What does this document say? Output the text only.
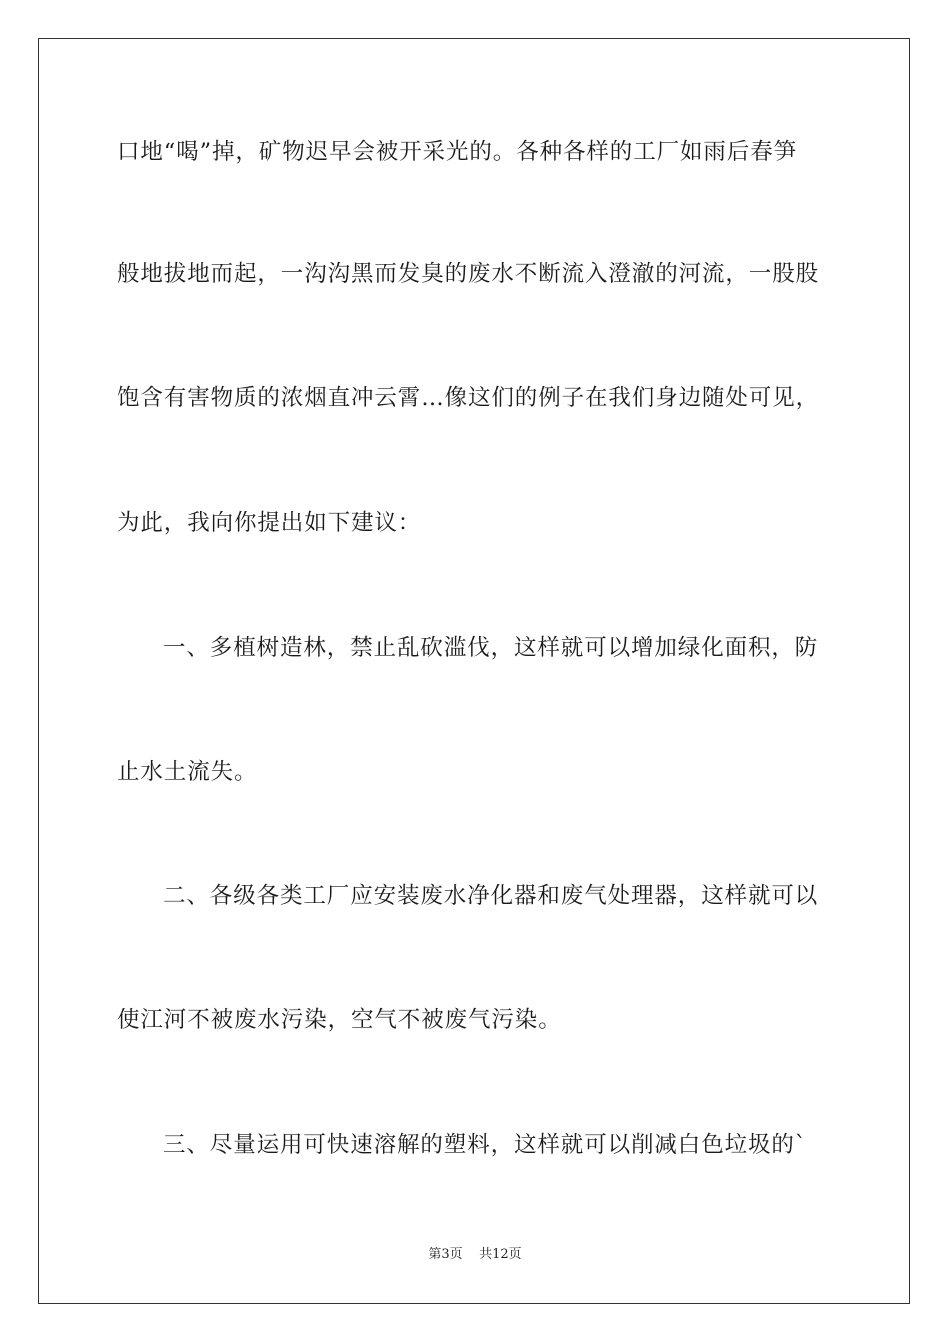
口地“喝”掉，矿物迟早会被开采光的。各种各样的工厂如雨后春笋
般地拔地而起，一沟沟黑而发臭的废水不断流入澄澈的河流，一股股
饱含有害物质的浓烟直冲云霄…像这们的例子在我们身边随处可见，
为此，我向你提出如下建议：
一、多植树造林，禁止乱砍滥伐，这样就可以增加绿化面积，防
止水土流失。
二、各级各类工厂应安装废水净化器和废气处理器，这样就可以
使江河不被废水污染，空气不被废气污染。
三、尽量运用可快速溶解的塑料，这样就可以削减白色垃圾的`
第3页 共12页
